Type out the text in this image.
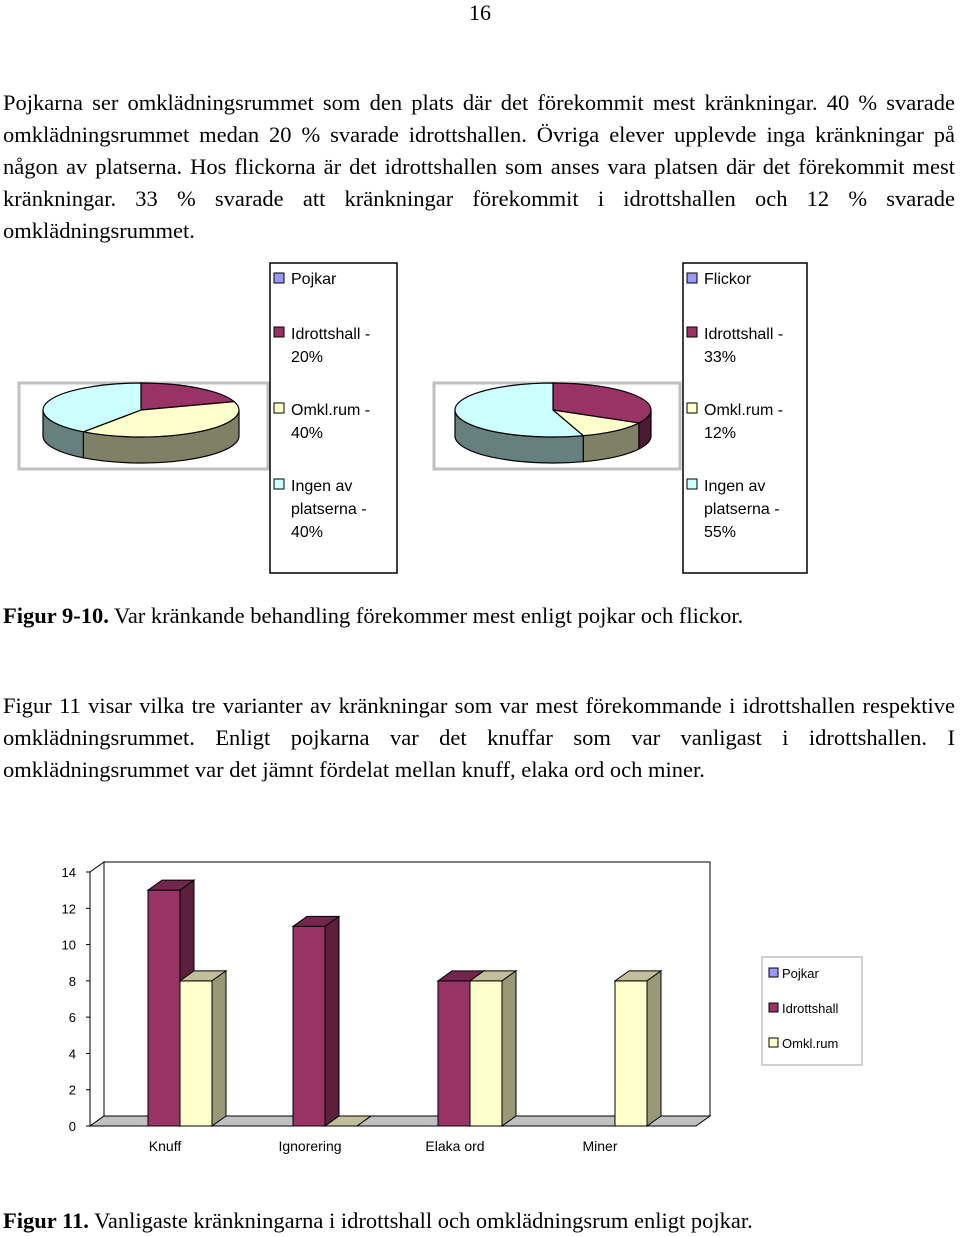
16

Pojkarna ser omklädningsrummet som den plats där det förekommit mest kränkningar. 40 % svarade omklädningsrummet medan 20 % svarade idrottshallen. Övriga elever upplevde inga kränkningar på någon av platserna. Hos flickorna är det idrottshallen som anses vara platsen där det förekommit mest kränkningar. 33 % svarade att kränkningar förekommit i idrottshallen och 12 % svarade omklädningsrummet.

Figur 9-10. Var kränkande behandling förekommer mest enligt pojkar och flickor.

Figur 11 visar vilka tre varianter av kränkningar som var mest förekommande i idrottshallen respektive omklädningsrummet. Enligt pojkarna var det knuffar som var vanligast i idrottshallen. I omklädningsrummet var det jämnt fördelat mellan knuff, elaka ord och miner.

Figur 11. Vanligaste kränkningarna i idrottshall och omklädningsrum enligt pojkar.

Pojkar
Idrottshall -
20%
Omkl.rum -
40%
Ingen av
platserna -
40%
Flickor
Idrottshall -
33%
Omkl.rum -
12%
Ingen av
platserna -
55%
0
2
4
6
8
10
12
14
Knuff	Ignorering	Elaka ord	Miner
Pojkar
Idrottshall
Omkl.rum
